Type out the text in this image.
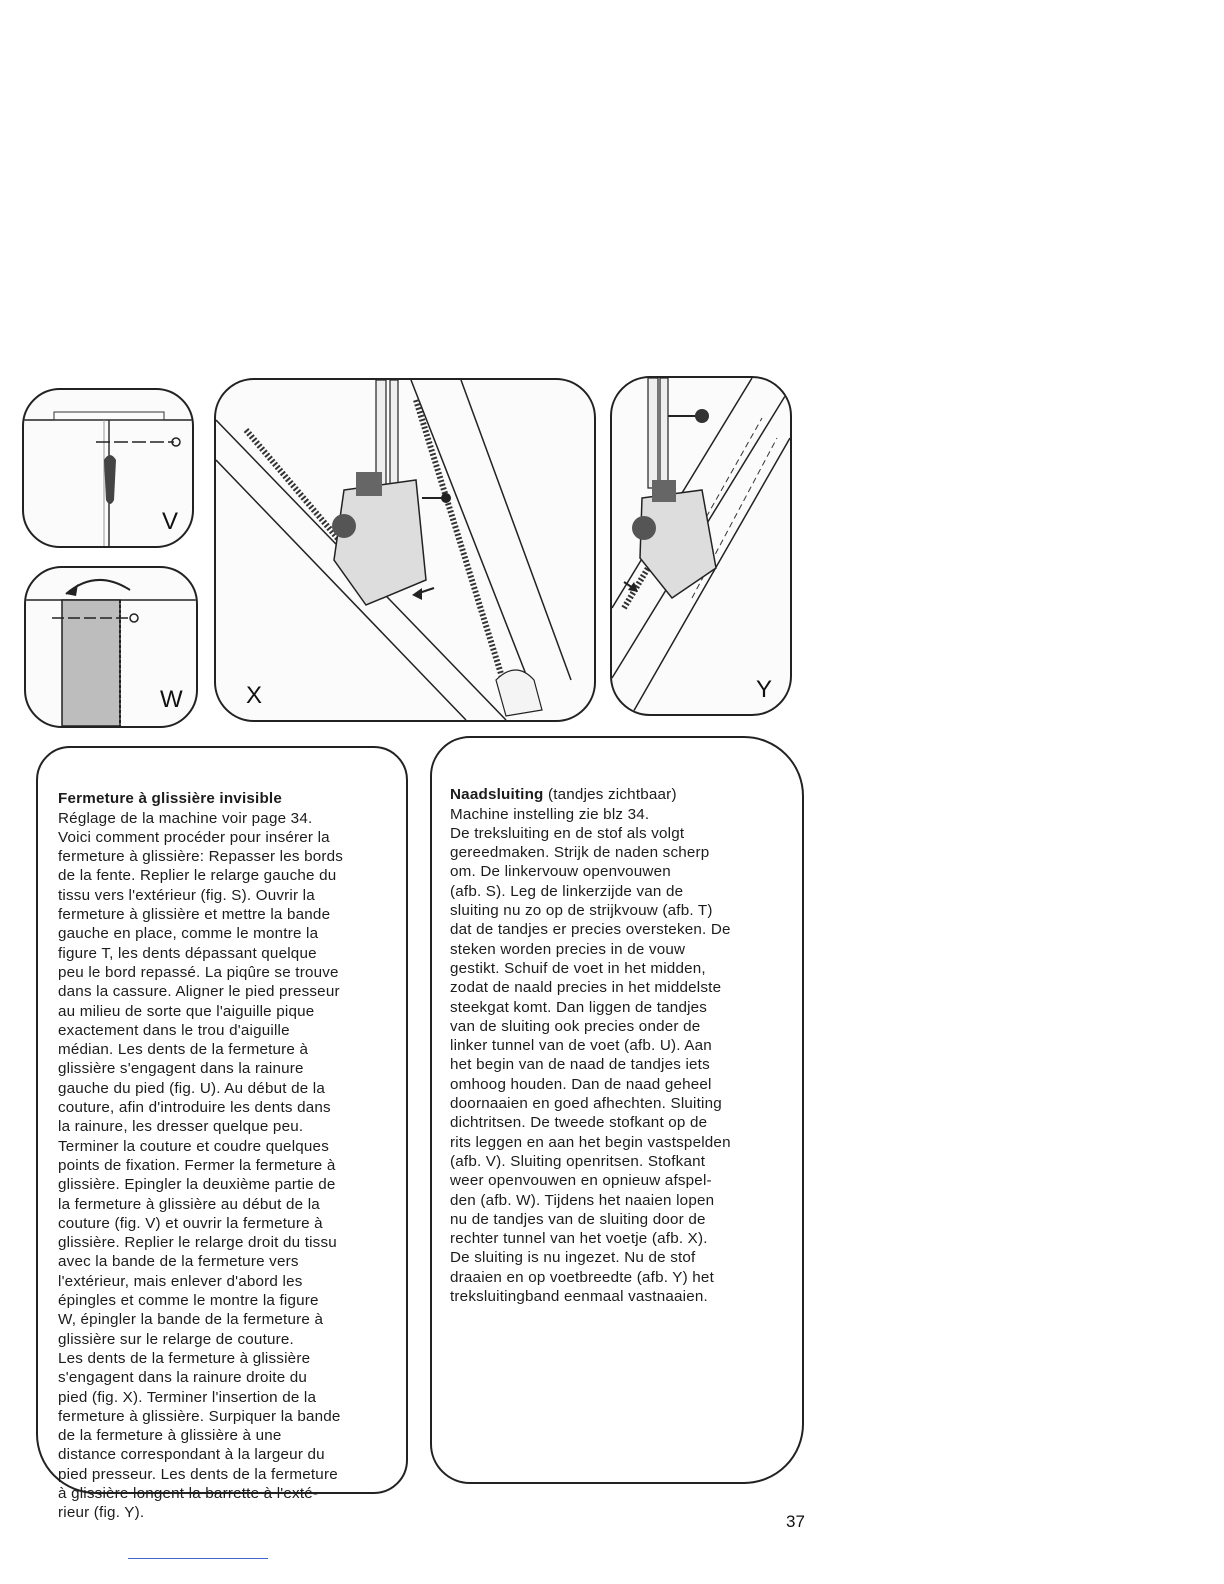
V
W	X	Y

Fermeture à glissière invisible

Réglage de la machine voir page 34.
Voici comment procéder pour insérer la
fermeture à glissière: Repasser les bords
de la fente. Replier le relarge gauche du
tissu vers l'extérieur (fig. S). Ouvrir la
fermeture à glissière et mettre la bande
gauche en place, comme le montre la
figure T, les dents dépassant quelque
peu le bord repassé. La piqûre se trouve
dans la cassure. Aligner le pied presseur
au milieu de sorte que l'aiguille pique
exactement dans le trou d'aiguille
médian. Les dents de la fermeture à
glissière s'engagent dans la rainure
gauche du pied (fig. U). Au début de la
couture, afin d'introduire les dents dans
la rainure, les dresser quelque peu.
Terminer la couture et coudre quelques
points de fixation. Fermer la fermeture à
glissière. Epingler la deuxième partie de
la fermeture à glissière au début de la
couture (fig. V) et ouvrir la fermeture à
glissière. Replier le relarge droit du tissu
avec la bande de la fermeture vers
l'extérieur, mais enlever d'abord les
épingles et comme le montre la figure
W, épingler la bande de la fermeture à
glissière sur le relarge de couture.
Les dents de la fermeture à glissière
s'engagent dans la rainure droite du
pied (fig. X). Terminer l'insertion de la
fermeture à glissière. Surpiquer la bande
de la fermeture à glissière à une
distance correspondant à la largeur du
pied presseur. Les dents de la fermeture
à glissière longent la barrette à l'exté-
rieur (fig. Y).

Naadsluiting (tandjes zichtbaar)

Machine instelling zie blz 34.
De treksluiting en de stof als volgt
gereedmaken. Strijk de naden scherp
om. De linkervouw openvouwen
(afb. S). Leg de linkerzijde van de
sluiting nu zo op de strijkvouw (afb. T)
dat de tandjes er precies oversteken. De
steken worden precies in de vouw
gestikt. Schuif de voet in het midden,
zodat de naald precies in het middelste
steekgat komt. Dan liggen de tandjes
van de sluiting ook precies onder de
linker tunnel van de voet (afb. U). Aan
het begin van de naad de tandjes iets
omhoog houden. Dan de naad geheel
doornaaien en goed afhechten. Sluiting
dichtritsen. De tweede stofkant op de
rits leggen en aan het begin vastspelden
(afb. V). Sluiting openritsen. Stofkant
weer openvouwen en opnieuw afspel-
den (afb. W). Tijdens het naaien lopen
nu de tandjes van de sluiting door de
rechter tunnel van het voetje (afb. X).
De sluiting is nu ingezet. Nu de stof
draaien en op voetbreedte (afb. Y) het
treksluitingband eenmaal vastnaaien.

37
